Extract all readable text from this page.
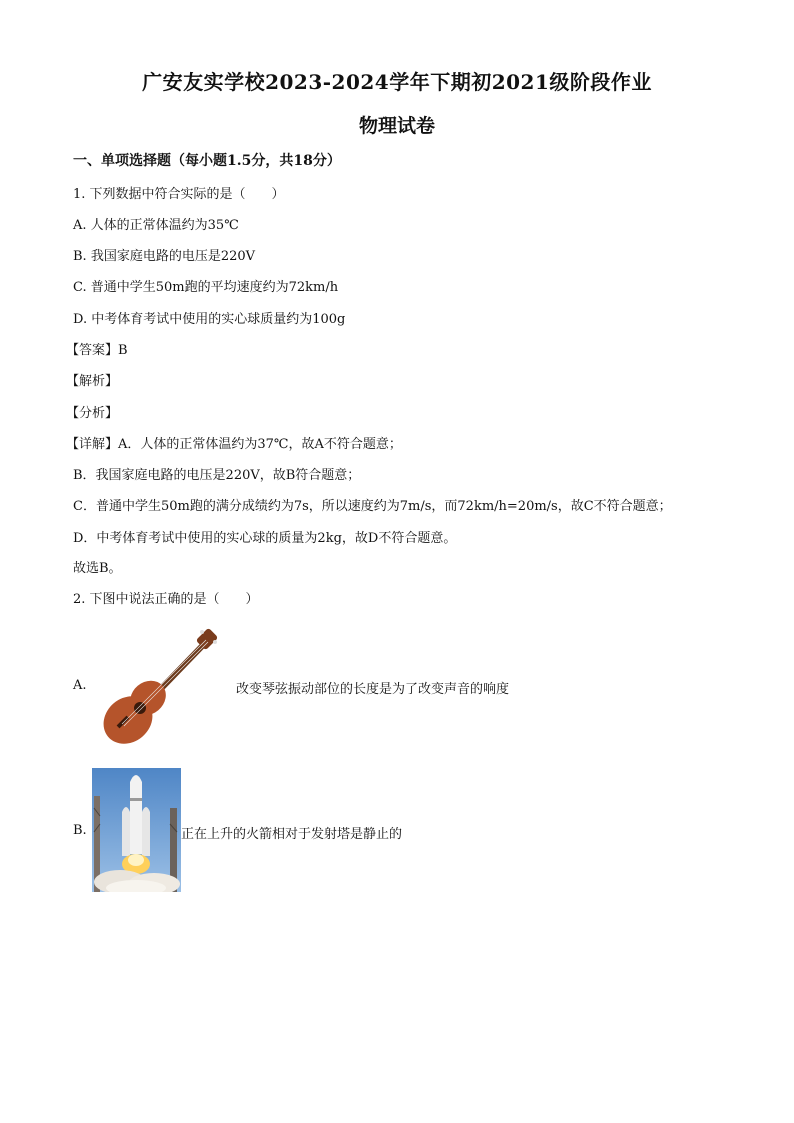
广安友实学校2023-2024学年下期初2021级阶段作业
物理试卷
一、单项选择题（每小题1.5分，共18分）
1. 下列数据中符合实际的是（　　）
A. 人体的正常体温约为35℃
B. 我国家庭电路的电压是220V
C. 普通中学生50m跑的平均速度约为72km/h
D. 中考体育考试中使用的实心球质量约为100g
【答案】B
【解析】
【分析】
【详解】A．人体的正常体温约为37℃，故A不符合题意；
B．我国家庭电路的电压是220V，故B符合题意；
C．普通中学生50m跑的满分成绩约为7s，所以速度约为7m/s，而72km/h=20m/s，故C不符合题意；
D．中考体育考试中使用的实心球的质量为2kg，故D不符合题意。
故选B。
2. 下图中说法正确的是（　　）
A.	改变琴弦振动部位的长度是为了改变声音的响度
B.	正在上升的火箭相对于发射塔是静止的
